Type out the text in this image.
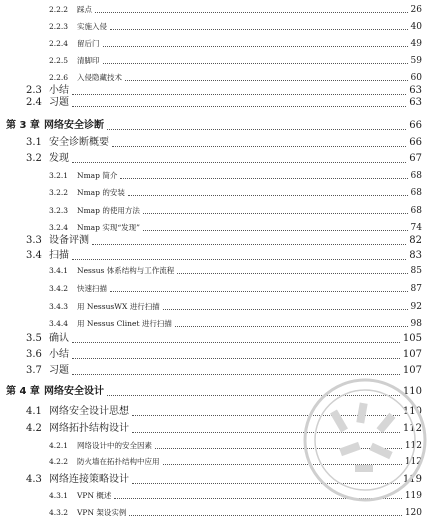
2.2.2 踩点	26
2.2.3 实施入侵	40
2.2.4 留后门	49
2.2.5 清脚印	59
2.2.6 入侵隐藏技术	60
2.3 小结	63
2.4 习题	63
第 3 章 网络安全诊断	66
3.1 安全诊断概要	66
3.2 发现	67
3.2.1 Nmap 简介	68
3.2.2 Nmap 的安装	68
3.2.3 Nmap 的使用方法	68
3.2.4 Nmap 实现“发现”	74
3.3 设备评测	82
3.4 扫描	83
3.4.1 Nessus 体系结构与工作流程	85
3.4.2 快速扫描	87
3.4.3 用 NessusWX 进行扫描	92
3.4.4 用 Nessus Clinet 进行扫描	98
3.5 确认	105
3.6 小结	107
3.7 习题	107
第 4 章 网络安全设计	110
4.1 网络安全设计思想	110
4.2 网络拓扑结构设计	112
4.2.1 网络设计中的安全因素	112
4.2.2 防火墙在拓扑结构中应用	112
4.3 网络连接策略设计	119
4.3.1 VPN 概述	119
4.3.2 VPN 架设实例	120
